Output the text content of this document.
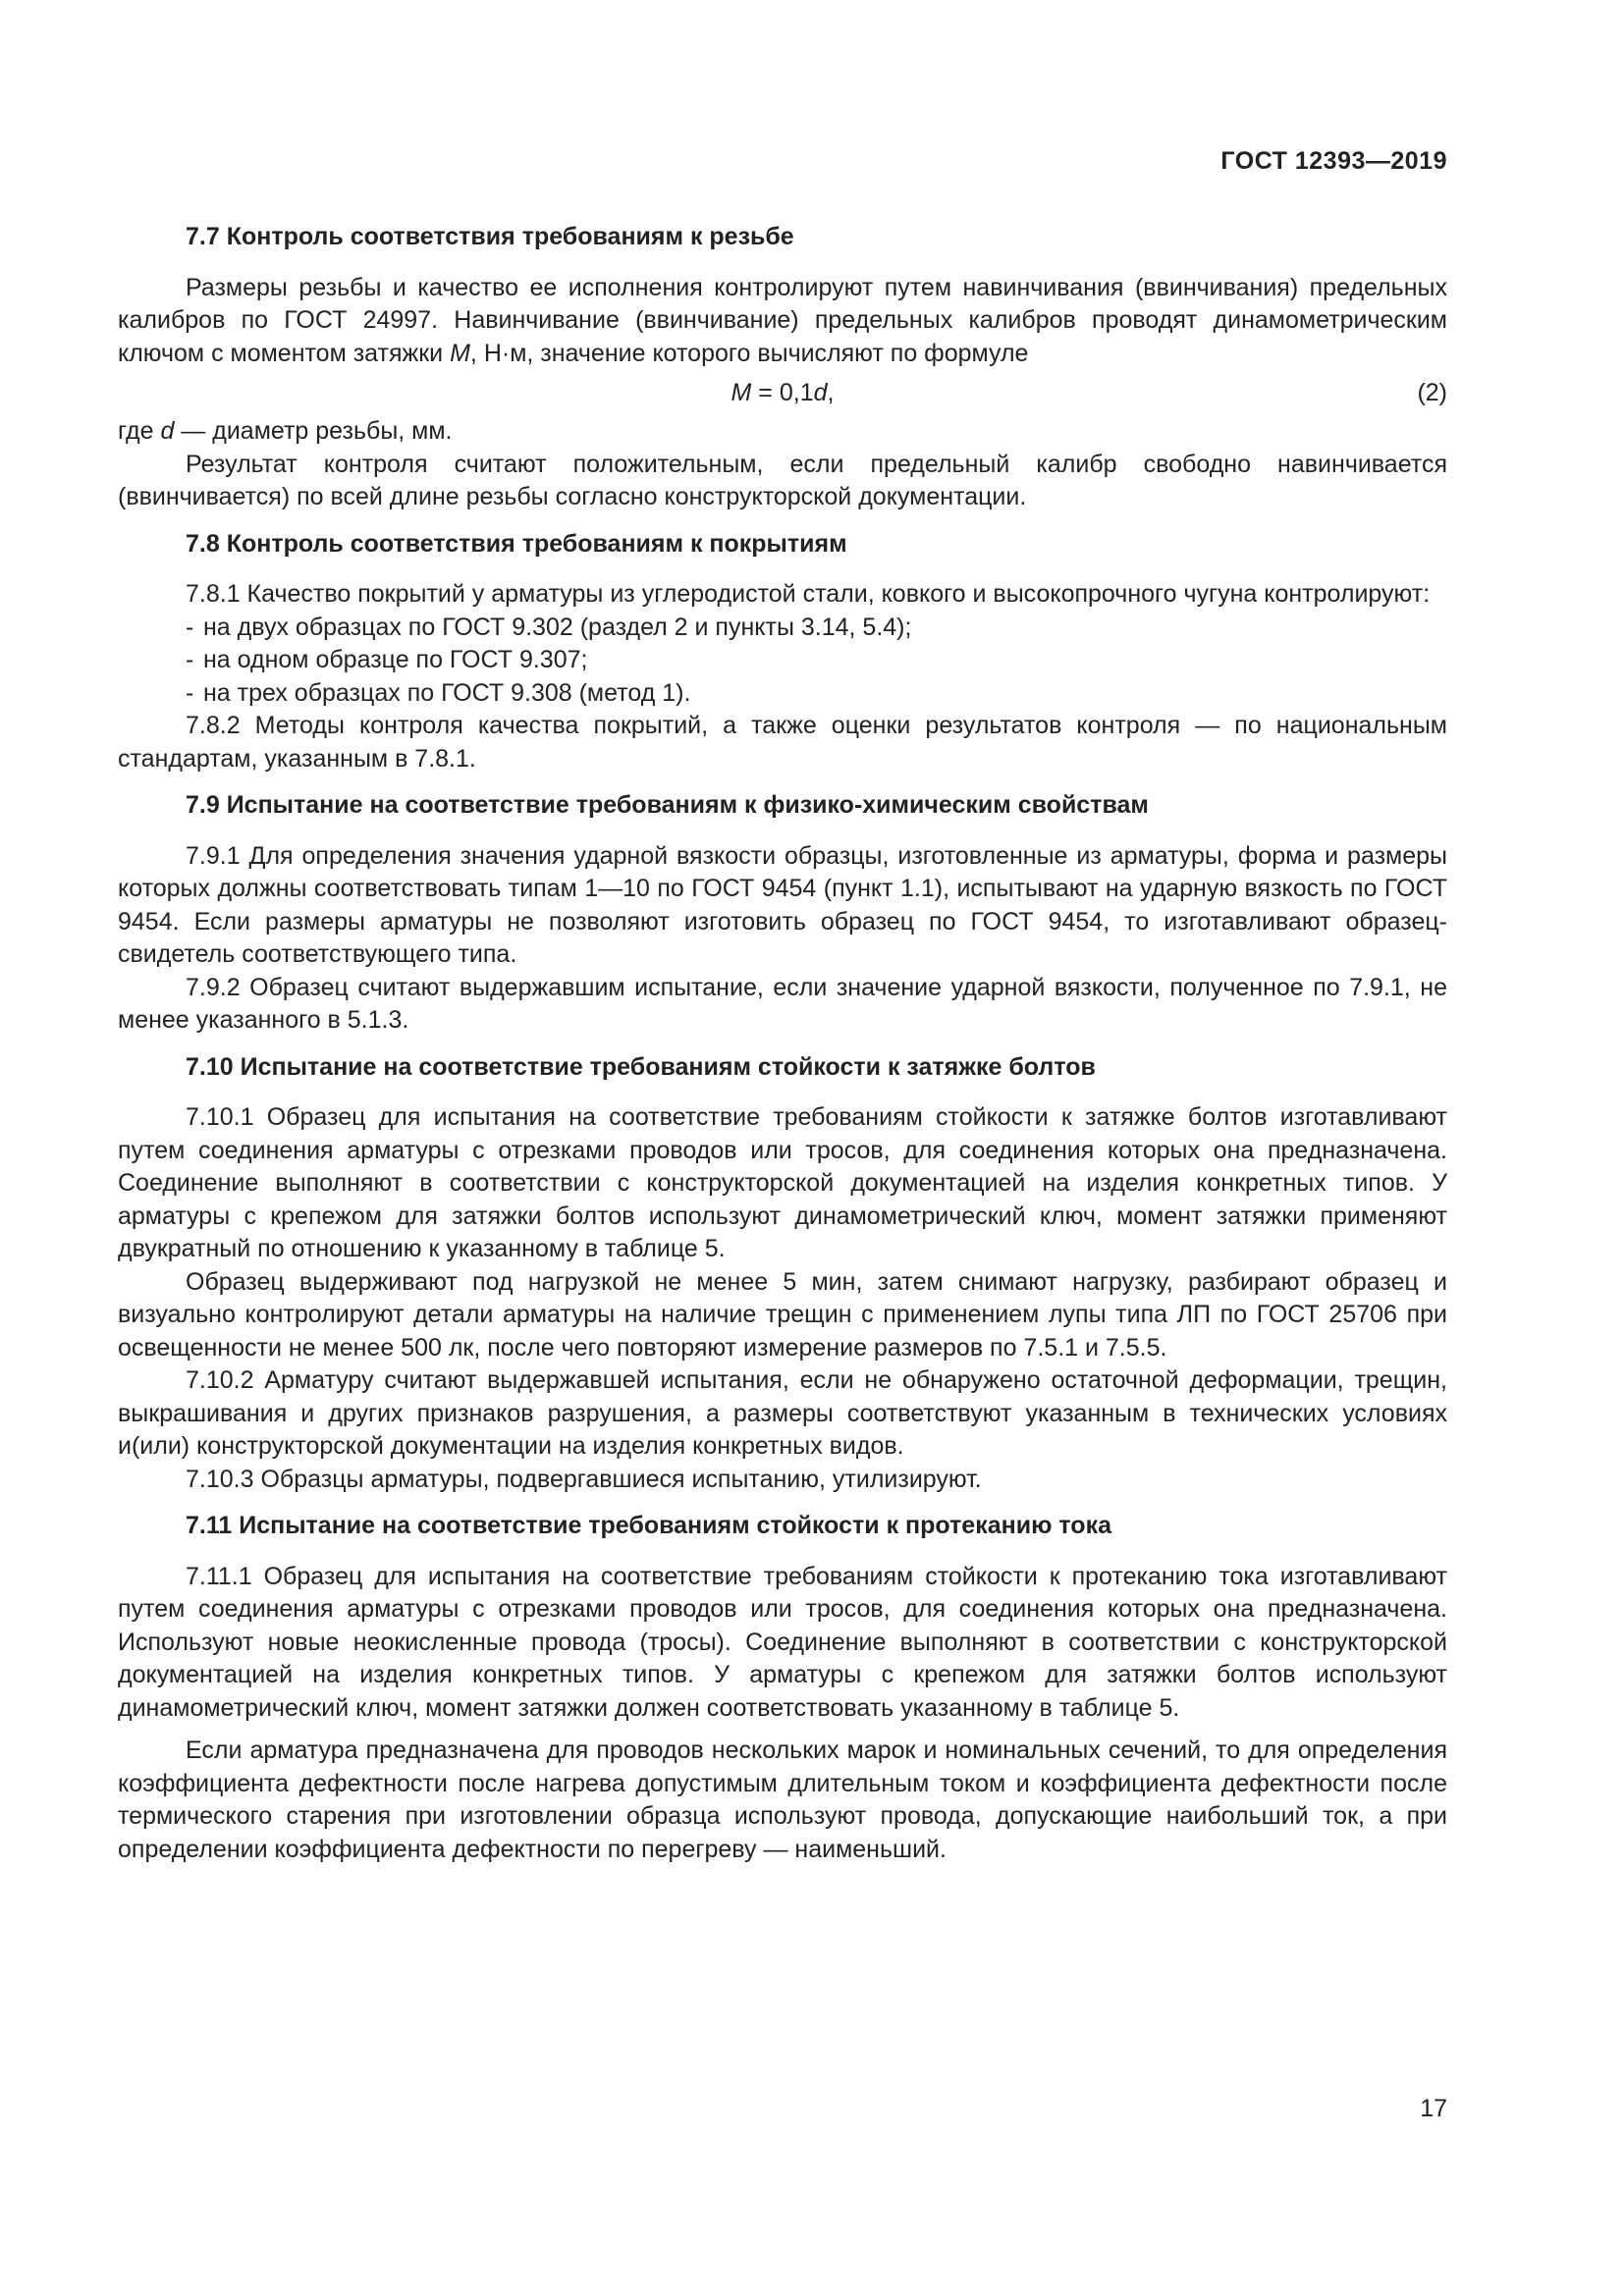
ГОСТ 12393—2019
7.7 Контроль соответствия требованиям к резьбе

Размеры резьбы и качество ее исполнения контролируют путем навинчивания (ввинчивания) предельных калибров по ГОСТ 24997. Навинчивание (ввинчивание) предельных калибров проводят динамометрическим ключом с моментом затяжки M, Н·м, значение которого вычисляют по формуле

M = 0,1d,	(2)

где d — диаметр резьбы, мм.

Результат контроля считают положительным, если предельный калибр свободно навинчивается (ввинчивается) по всей длине резьбы согласно конструкторской документации.

7.8 Контроль соответствия требованиям к покрытиям

7.8.1 Качество покрытий у арматуры из углеродистой стали, ковкого и высокопрочного чугуна контролируют:

- на двух образцах по ГОСТ 9.302 (раздел 2 и пункты 3.14, 5.4);
- на одном образце по ГОСТ 9.307;
- на трех образцах по ГОСТ 9.308 (метод 1).

7.8.2 Методы контроля качества покрытий, а также оценки результатов контроля — по национальным стандартам, указанным в 7.8.1.

7.9 Испытание на соответствие требованиям к физико-химическим свойствам

7.9.1 Для определения значения ударной вязкости образцы, изготовленные из арматуры, форма и размеры которых должны соответствовать типам 1—10 по ГОСТ 9454 (пункт 1.1), испытывают на ударную вязкость по ГОСТ 9454. Если размеры арматуры не позволяют изготовить образец по ГОСТ 9454, то изготавливают образец-свидетель соответствующего типа.

7.9.2 Образец считают выдержавшим испытание, если значение ударной вязкости, полученное по 7.9.1, не менее указанного в 5.1.3.

7.10 Испытание на соответствие требованиям стойкости к затяжке болтов

7.10.1 Образец для испытания на соответствие требованиям стойкости к затяжке болтов изготавливают путем соединения арматуры с отрезками проводов или тросов, для соединения которых она предназначена. Соединение выполняют в соответствии с конструкторской документацией на изделия конкретных типов. У арматуры с крепежом для затяжки болтов используют динамометрический ключ, момент затяжки применяют двукратный по отношению к указанному в таблице 5.

Образец выдерживают под нагрузкой не менее 5 мин, затем снимают нагрузку, разбирают образец и визуально контролируют детали арматуры на наличие трещин с применением лупы типа ЛП по ГОСТ 25706 при освещенности не менее 500 лк, после чего повторяют измерение размеров по 7.5.1 и 7.5.5.

7.10.2 Арматуру считают выдержавшей испытания, если не обнаружено остаточной деформации, трещин, выкрашивания и других признаков разрушения, а размеры соответствуют указанным в технических условиях и(или) конструкторской документации на изделия конкретных видов.

7.10.3 Образцы арматуры, подвергавшиеся испытанию, утилизируют.

7.11 Испытание на соответствие требованиям стойкости к протеканию тока

7.11.1 Образец для испытания на соответствие требованиям стойкости к протеканию тока изготавливают путем соединения арматуры с отрезками проводов или тросов, для соединения которых она предназначена. Используют новые неокисленные провода (тросы). Соединение выполняют в соответствии с конструкторской документацией на изделия конкретных типов. У арматуры с крепежом для затяжки болтов используют динамометрический ключ, момент затяжки должен соответствовать указанному в таблице 5.

Если арматура предназначена для проводов нескольких марок и номинальных сечений, то для определения коэффициента дефектности после нагрева допустимым длительным током и коэффициента дефектности после термического старения при изготовлении образца используют провода, допускающие наибольший ток, а при определении коэффициента дефектности по перегреву — наименьший.

17
